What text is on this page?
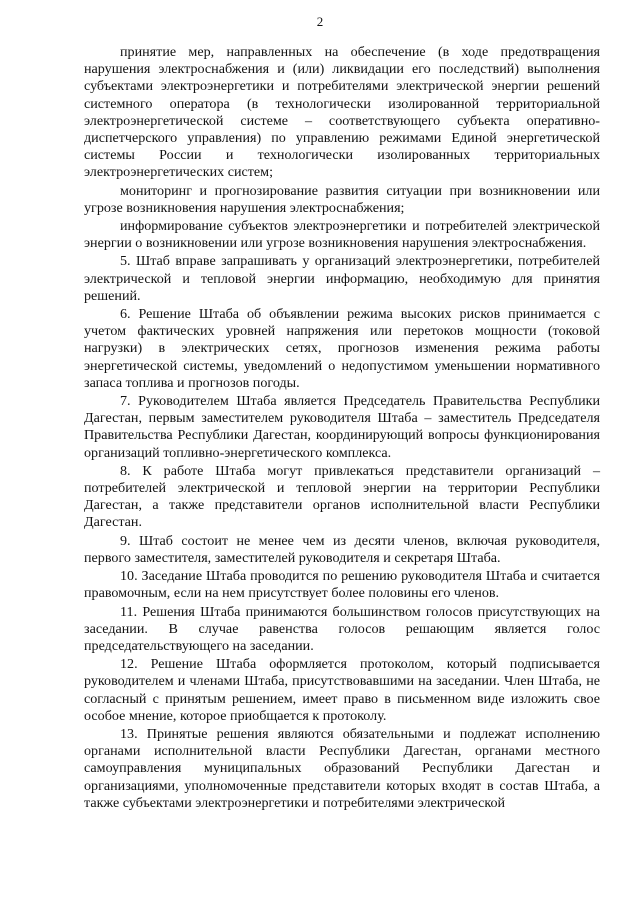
2

принятие мер, направленных на обеспечение (в ходе предотвращения нарушения электроснабжения и (или) ликвидации его последствий) выполнения субъектами электроэнергетики и потребителями электрической энергии решений системного оператора (в технологически изолированной территориальной электроэнергетической системе – соответствующего субъекта оперативно-диспетчерского управления) по управлению режимами Единой энергетической системы России и технологически изолированных территориальных электроэнергетических систем;

мониторинг и прогнозирование развития ситуации при возникновении или угрозе возникновения нарушения электроснабжения;

информирование субъектов электроэнергетики и потребителей электрической энергии о возникновении или угрозе возникновения нарушения электроснабжения.

5. Штаб вправе запрашивать у организаций электроэнергетики, потребителей электрической и тепловой энергии информацию, необходимую для принятия решений.

6. Решение Штаба об объявлении режима высоких рисков принимается с учетом фактических уровней напряжения или перетоков мощности (токовой нагрузки) в электрических сетях, прогнозов изменения режима работы энергетической системы, уведомлений о недопустимом уменьшении нормативного запаса топлива и прогнозов погоды.

7. Руководителем Штаба является Председатель Правительства Республики Дагестан, первым заместителем руководителя Штаба – заместитель Председателя Правительства Республики Дагестан, координирующий вопросы функционирования организаций топливно-энергетического комплекса.

8. К работе Штаба могут привлекаться представители организаций – потребителей электрической и тепловой энергии на территории Республики Дагестан, а также представители органов исполнительной власти Республики Дагестан.

9. Штаб состоит не менее чем из десяти членов, включая руководителя, первого заместителя, заместителей руководителя и секретаря Штаба.

10. Заседание Штаба проводится по решению руководителя Штаба и считается правомочным, если на нем присутствует более половины его членов.

11. Решения Штаба принимаются большинством голосов присутствующих на заседании. В случае равенства голосов решающим является голос председательствующего на заседании.

12. Решение Штаба оформляется протоколом, который подписывается руководителем и членами Штаба, присутствовавшими на заседании. Член Штаба, не согласный с принятым решением, имеет право в письменном виде изложить свое особое мнение, которое приобщается к протоколу.

13. Принятые решения являются обязательными и подлежат исполнению органами исполнительной власти Республики Дагестан, органами местного самоуправления муниципальных образований Республики Дагестан и организациями, уполномоченные представители которых входят в состав Штаба, а также субъектами электроэнергетики и потребителями электрической
